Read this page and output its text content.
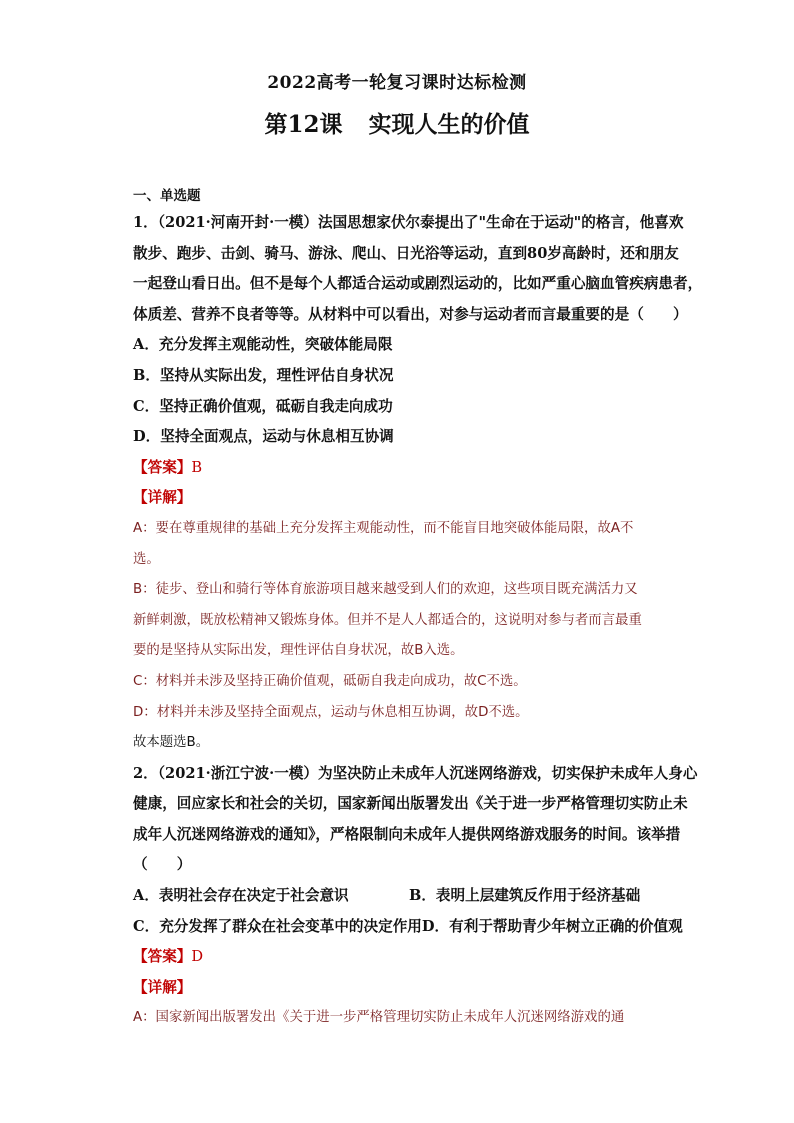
2022高考一轮复习课时达标检测
第12课 实现人生的价值
一、单选题
1．（2021·河南开封·一模）法国思想家伏尔泰提出了"生命在于运动"的格言，他喜欢
散步、跑步、击剑、骑马、游泳、爬山、日光浴等运动，直到80岁高龄时，还和朋友
一起登山看日出。但不是每个人都适合运动或剧烈运动的，比如严重心脑血管疾病患者，
体质差、营养不良者等等。从材料中可以看出，对参与运动者而言最重要的是（　　）
A．充分发挥主观能动性，突破体能局限
B．坚持从实际出发，理性评估自身状况
C．坚持正确价值观，砥砺自我走向成功
D．坚持全面观点，运动与休息相互协调
【答案】B
【详解】
A：要在尊重规律的基础上充分发挥主观能动性，而不能盲目地突破体能局限，故A不
选。
B：徒步、登山和骑行等体育旅游项目越来越受到人们的欢迎，这些项目既充满活力又
新鲜刺激，既放松精神又锻炼身体。但并不是人人都适合的，这说明对参与者而言最重
要的是坚持从实际出发，理性评估自身状况，故B入选。
C：材料并未涉及坚持正确价值观，砥砺自我走向成功，故C不选。
D：材料并未涉及坚持全面观点，运动与休息相互协调，故D不选。
故本题选B。
2．（2021·浙江宁波·一模）为坚决防止未成年人沉迷网络游戏，切实保护未成年人身心
健康，回应家长和社会的关切，国家新闻出版署发出《关于进一步严格管理切实防止未
成年人沉迷网络游戏的通知》，严格限制向未成年人提供网络游戏服务的时间。该举措
（　　）
A．表明社会存在决定于社会意识	B．表明上层建筑反作用于经济基础
C．充分发挥了群众在社会变革中的决定作用D．有利于帮助青少年树立正确的价值观
【答案】D
【详解】
A：国家新闻出版署发出《关于进一步严格管理切实防止未成年人沉迷网络游戏的通
